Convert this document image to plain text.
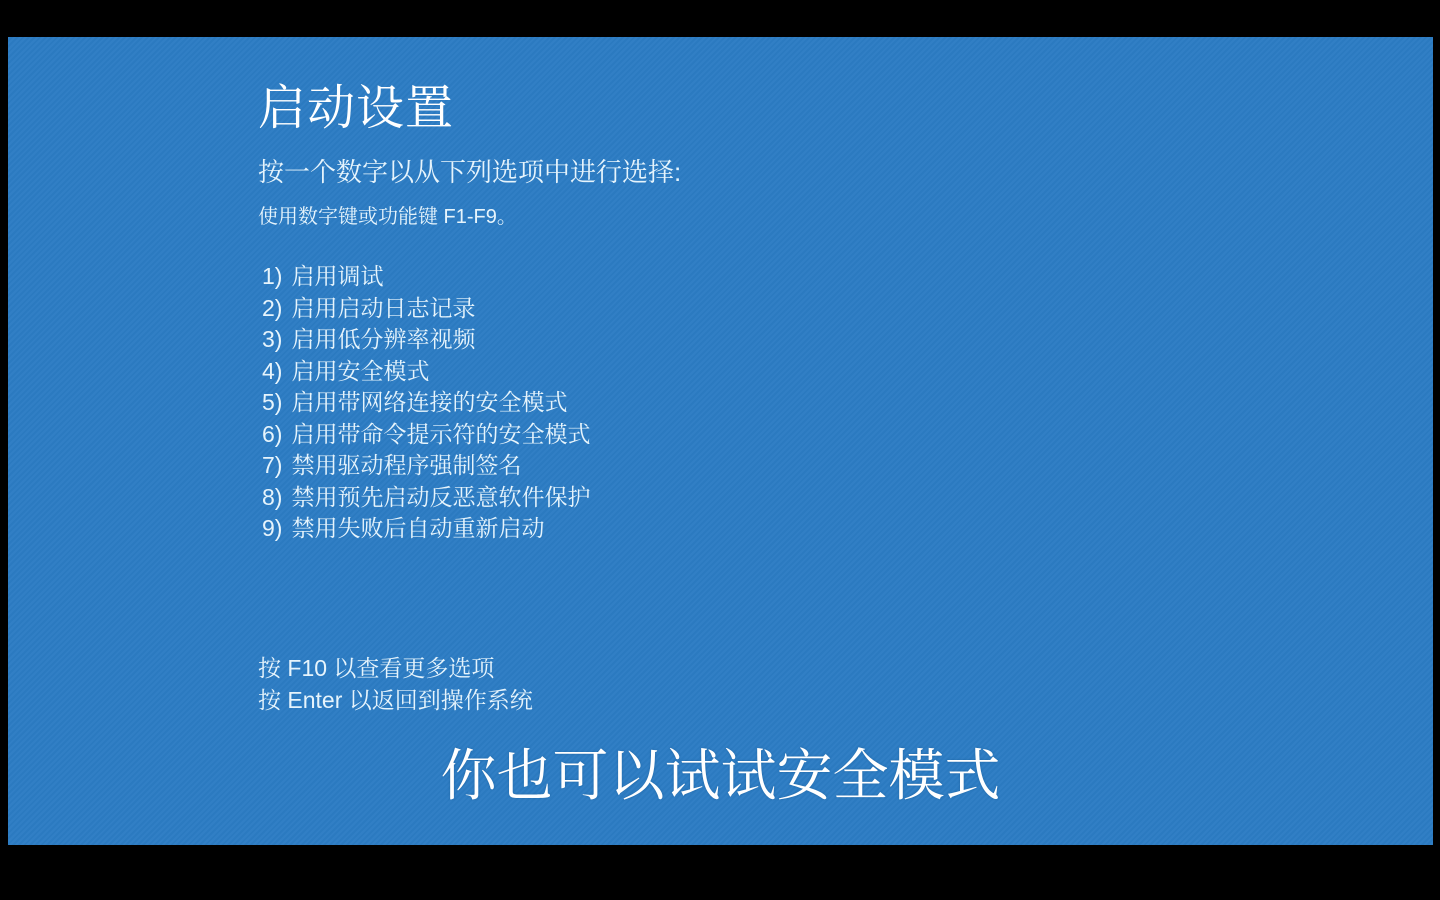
启动设置

按一个数字以从下列选项中进行选择:

使用数字键或功能键 F1-F9。

1) 启用调试
2) 启用启动日志记录
3) 启用低分辨率视频
4) 启用安全模式
5) 启用带网络连接的安全模式
6) 启用带命令提示符的安全模式
7) 禁用驱动程序强制签名
8) 禁用预先启动反恶意软件保护
9) 禁用失败后自动重新启动

按 F10 以查看更多选项

按 Enter 以返回到操作系统

你也可以试试安全模式
